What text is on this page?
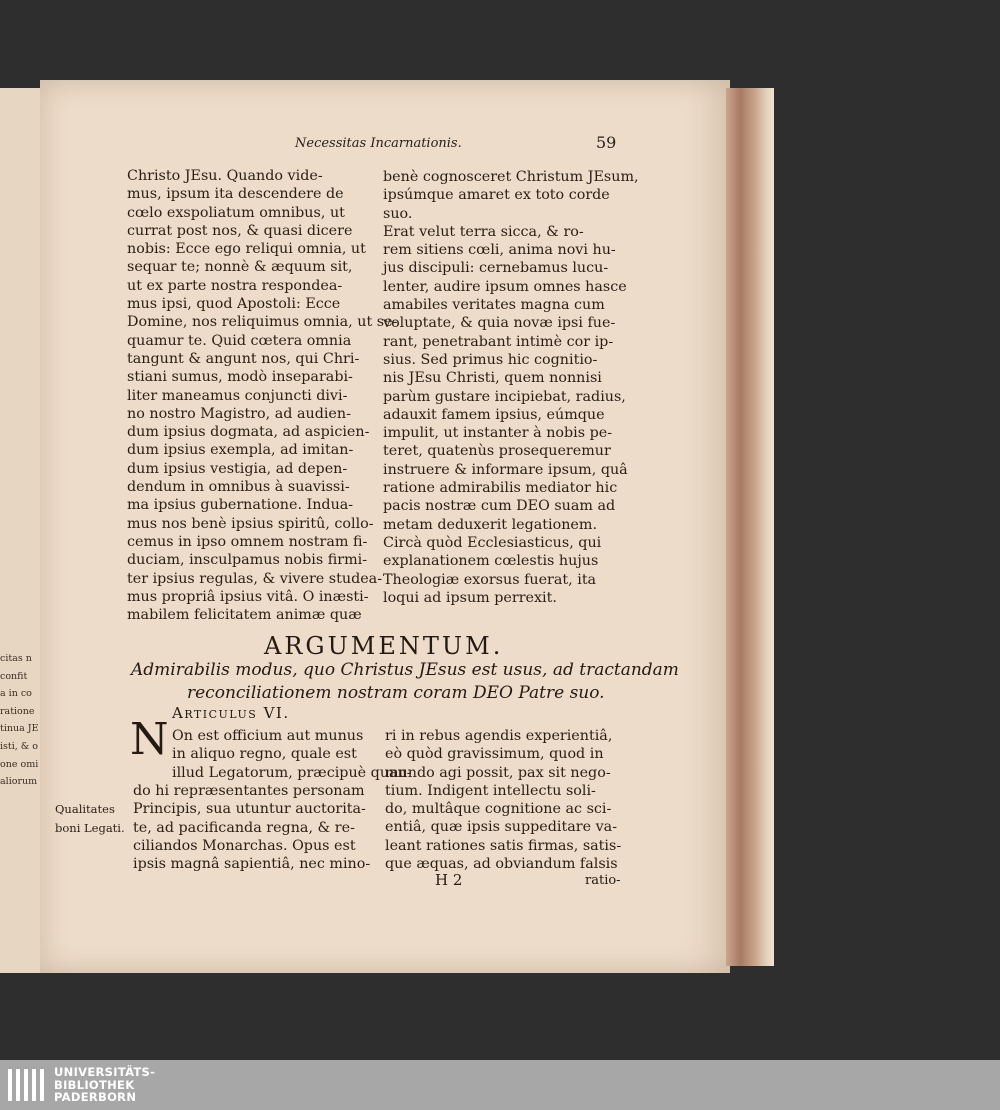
citas n
confit
a in co
ratione
tinua JE
isti, & o
one omi
aliorum
Necessitas Incarnationis.	59
Christo JEsu. Quando vide-
mus, ipsum ita descendere de
cœlo exspoliatum omnibus, ut
currat post nos, & quasi dicere
nobis: Ecce ego reliqui omnia, ut
sequar te; nonnè & æquum sit,
ut ex parte nostra respondea-
mus ipsi, quod Apostoli: Ecce
Domine, nos reliquimus omnia, ut se-
quamur te. Quid cœtera omnia
tangunt & angunt nos, qui Chri-
stiani sumus, modò inseparabi-
liter maneamus conjuncti divi-
no nostro Magistro, ad audien-
dum ipsius dogmata, ad aspicien-
dum ipsius exempla, ad imitan-
dum ipsius vestigia, ad depen-
dendum in omnibus à suavissi-
ma ipsius gubernatione. Indua-
mus nos benè ipsius spiritû, collo-
cemus in ipso omnem nostram fi-
duciam, insculpamus nobis firmi-
ter ipsius regulas, & vivere studea-
mus propriâ ipsius vitâ. O inæsti-
mabilem felicitatem animæ quæ
benè cognosceret Christum JEsum,
ipsúmque amaret ex toto corde
suo.
Erat velut terra sicca, & ro-
rem sitiens cœli, anima novi hu-
jus discipuli: cernebamus lucu-
lenter, audire ipsum omnes hasce
amabiles veritates magna cum
voluptate, & quia novæ ipsi fue-
rant, penetrabant intimè cor ip-
sius. Sed primus hic cognitio-
nis JEsu Christi, quem nonnisi
parùm gustare incipiebat, radius,
adauxit famem ipsius, eúmque
impulit, ut instanter à nobis pe-
teret, quatenùs prosequeremur
instruere & informare ipsum, quâ
ratione admirabilis mediator hic
pacis nostræ cum DEO suam ad
metam deduxerit legationem.
Circà quòd Ecclesiasticus, qui
explanationem cœlestis hujus
Theologiæ exorsus fuerat, ita
loqui ad ipsum perrexit.
ARGUMENTUM.
Admirabilis modus, quo Christus JEsus est usus, ad tractandam
reconciliationem nostram coram DEO Patre suo.
Articulus VI.
N On est officium aut munus
in aliquo regno, quale est
illud Legatorum, præcipuè quan-
do hi repræsentantes personam
Principis, sua utuntur auctorita-
te, ad pacificanda regna, & re-
ciliandos Monarchas. Opus est
ipsis magnâ sapientiâ, nec mino-
ri in rebus agendis experientiâ,
eò quòd gravissimum, quod in
mundo agi possit, pax sit nego-
tium. Indigent intellectu soli-
do, multâque cognitione ac sci-
entiâ, quæ ipsis suppeditare va-
leant rationes satis firmas, satis-
que æquas, ad obviandum falsis
Qualitates
boni Legati.
H 2	ratio-
UNIVERSITÄTS-
BIBLIOTHEK
PADERBORN
